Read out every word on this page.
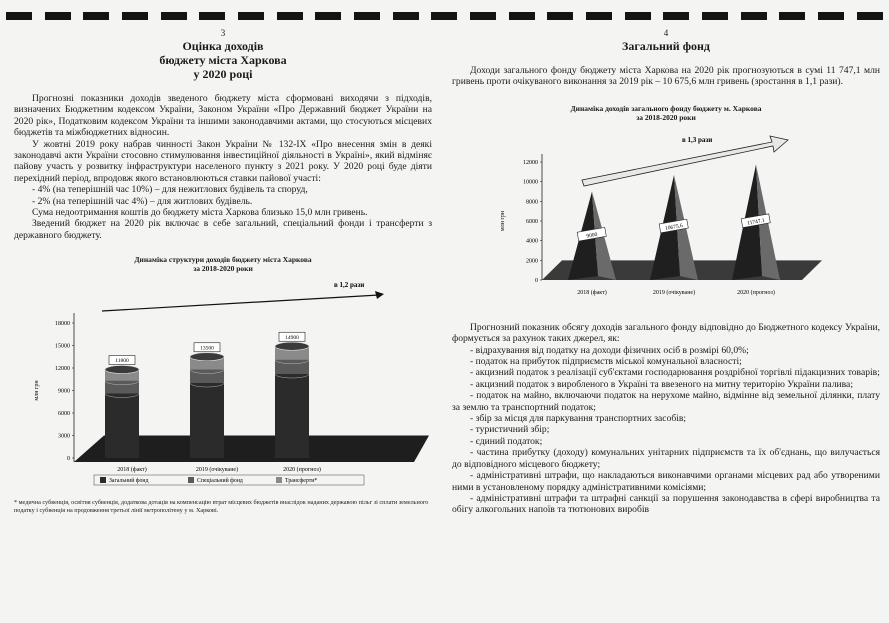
3
Оцінка доходів
бюджету міста Харкова
у 2020 році

Прогнозні показники доходів зведеного бюджету міста сформовані виходячи з підходів, визначених Бюджетним кодексом України, Законом України «Про Державний бюджет України на 2020 рік», Податковим кодексом України та іншими законодавчими актами, що стосуються місцевих бюджетів та міжбюджетних відносин.

У жовтні 2019 року набрав чинності Закон України № 132-IX «Про внесення змін в деякі законодавчі акти України стосовно стимулювання інвестиційної діяльності в Україні», який відміняє пайову участь у розвитку інфраструктури населеного пункту з 2021 року. У 2020 році буде діяти перехідний період, впродовж якого встановлюються ставки пайової участі:

- 4% (на теперішній час 10%) – для нежитлових будівель та споруд,

- 2% (на теперішній час 4%) – для житлових будівель.

Сума недоотримання коштів до бюджету міста Харкова близько 15,0 млн гривень.

Зведений бюджет на 2020 рік включає в себе загальний, спеціальний фонди і трансферти з державного бюджету.

Динаміка структури доходів бюджету міста Харкова
за 2018-2020 роки
млн грн
0
3000
6000
9000
12000
15000
18000
11800
2018 (факт)
13500
2019 (очікуване)
14900
2020 (прогноз)
в 1,2 рази
Загальний фонд	Спеціальний фонд	Трансферти*
* медична субвенція, освітня субвенція, додаткова дотація на компенсацію втрат місцевих бюджетів внаслідок наданих державою пільг зі сплати земельного податку і субвенція на продовження третьої лінії метрополітену у м. Харкові.
4
Загальний фонд

Доходи загального фонду бюджету міста Харкова на 2020 рік прогнозуються в сумі 11 747,1 млн гривень проти очікуваного виконання за 2019 рік – 10 675,6 млн гривень (зростання в 1,1 рази).

Динаміка доходів загального фонду бюджету м. Харкова
за 2018-2020 роки
млн грн
0
2000
4000
6000
8000
10000
12000
2018 (факт)
9000
2019 (очікуване)
10675.6
2020 (прогноз)
11747.1
в 1,3 рази

Прогнозний показник обсягу доходів загального фонду відповідно до Бюджетного кодексу України, формується за рахунок таких джерел, як:

- відрахування від податку на доходи фізичних осіб в розмірі 60,0%;

- податок на прибуток підприємств міської комунальної власності;

- акцизний податок з реалізації суб'єктами господарювання роздрібної торгівлі підакцизних товарів;

- акцизний податок з виробленого в Україні та ввезеного на митну територію України палива;

- податок на майно, включаючи податок на нерухоме майно, відмінне від земельної ділянки, плату за землю та транспортний податок;

- збір за місця для паркування транспортних засобів;

- туристичний збір;

- єдиний податок;

- частина прибутку (доходу) комунальних унітарних підприємств та їх об'єднань, що вилучається до відповідного місцевого бюджету;

- адміністративні штрафи, що накладаються виконавчими органами місцевих рад або утвореними ними в установленому порядку адміністративними комісіями;

- адміністративні штрафи та штрафні санкції за порушення законодавства в сфері виробництва та обігу алкогольних напоїв та тютюнових виробів
